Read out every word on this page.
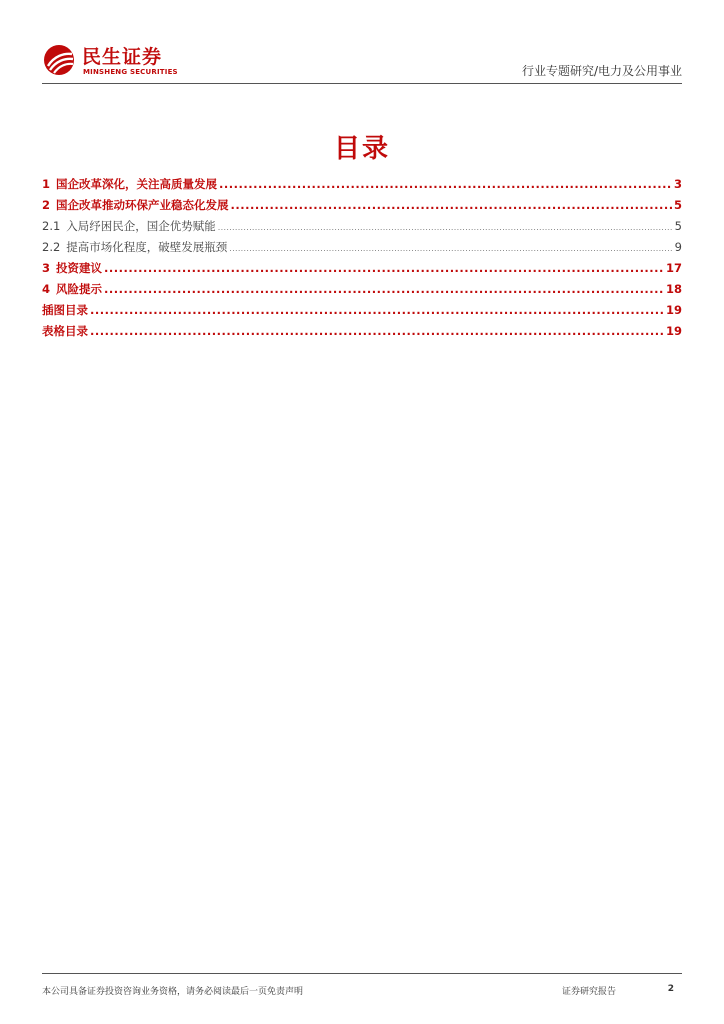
民生证券
MINSHENG SECURITIES	行业专题研究/电力及公用事业
目录
1 国企改革深化，关注高质量发展 .....	3
2 国企改革推动环保产业稳态化发展 .....	5
2.1 入局纾困民企，国企优势赋能 .....	5
2.2 提高市场化程度，破壁发展瓶颈 .....	9
3 投资建议 .....	17
4 风险提示 .....	18
插图目录 .....	19
表格目录 .....	19
本公司具备证券投资咨询业务资格，请务必阅读最后一页免责声明	证券研究报告	2
